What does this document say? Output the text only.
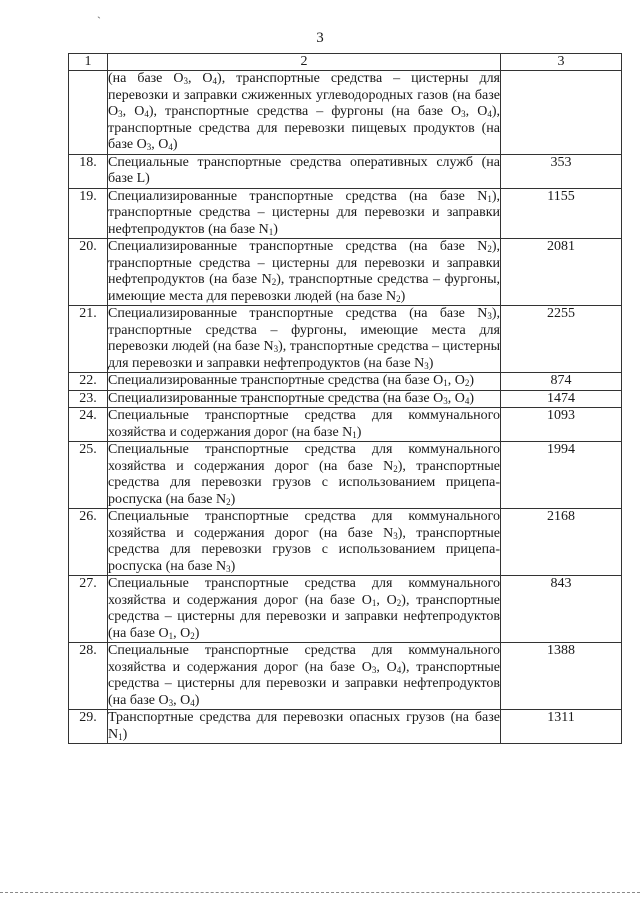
`
3
1	2	3
	(на базе $O_3$, $O_4$), транспортные средства – цистерны для перевозки и заправки сжиженных углеводородных газов (на базе $O_3$, $O_4$), транспортные средства – фургоны (на базе $O_3$, $O_4$), транспортные средства для перевозки пищевых продуктов (на базе $O_3$, $O_4$)	
18.	Специальные транспортные средства оперативных служб (на базе L)	353
19.	Специализированные транспортные средства (на базе $N_1$), транспортные средства – цистерны для перевозки и заправки нефтепродуктов (на базе $N_1$)	1155
20.	Специализированные транспортные средства (на базе $N_2$), транспортные средства – цистерны для перевозки и заправки нефтепродуктов (на базе $N_2$), транспортные средства – фургоны, имеющие места для перевозки людей (на базе $N_2$)	2081
21.	Специализированные транспортные средства (на базе $N_3$), транспортные средства – фургоны, имеющие места для перевозки людей (на базе $N_3$), транспортные средства – цистерны для перевозки и заправки нефтепродуктов (на базе $N_3$)	2255
22.	Специализированные транспортные средства (на базе $O_1$, $O_2$)	874
23.	Специализированные транспортные средства (на базе $O_3$, $O_4$)	1474
24.	Специальные транспортные средства для коммунального хозяйства и содержания дорог (на базе $N_1$)	1093
25.	Специальные транспортные средства для коммунального хозяйства и содержания дорог (на базе $N_2$), транспортные средства для перевозки грузов с использованием прицепа-роспуска (на базе $N_2$)	1994
26.	Специальные транспортные средства для коммунального хозяйства и содержания дорог (на базе $N_3$), транспортные средства для перевозки грузов с использованием прицепа-роспуска (на базе $N_3$)	2168
27.	Специальные транспортные средства для коммунального хозяйства и содержания дорог (на базе $O_1$, $O_2$), транспортные средства – цистерны для перевозки и заправки нефтепродуктов (на базе $O_1$, $O_2$)	843
28.	Специальные транспортные средства для коммунального хозяйства и содержания дорог (на базе $O_3$, $O_4$), транспортные средства – цистерны для перевозки и заправки нефтепродуктов (на базе $O_3$, $O_4$)	1388
29.	Транспортные средства для перевозки опасных грузов (на базе $N_1$)	1311
